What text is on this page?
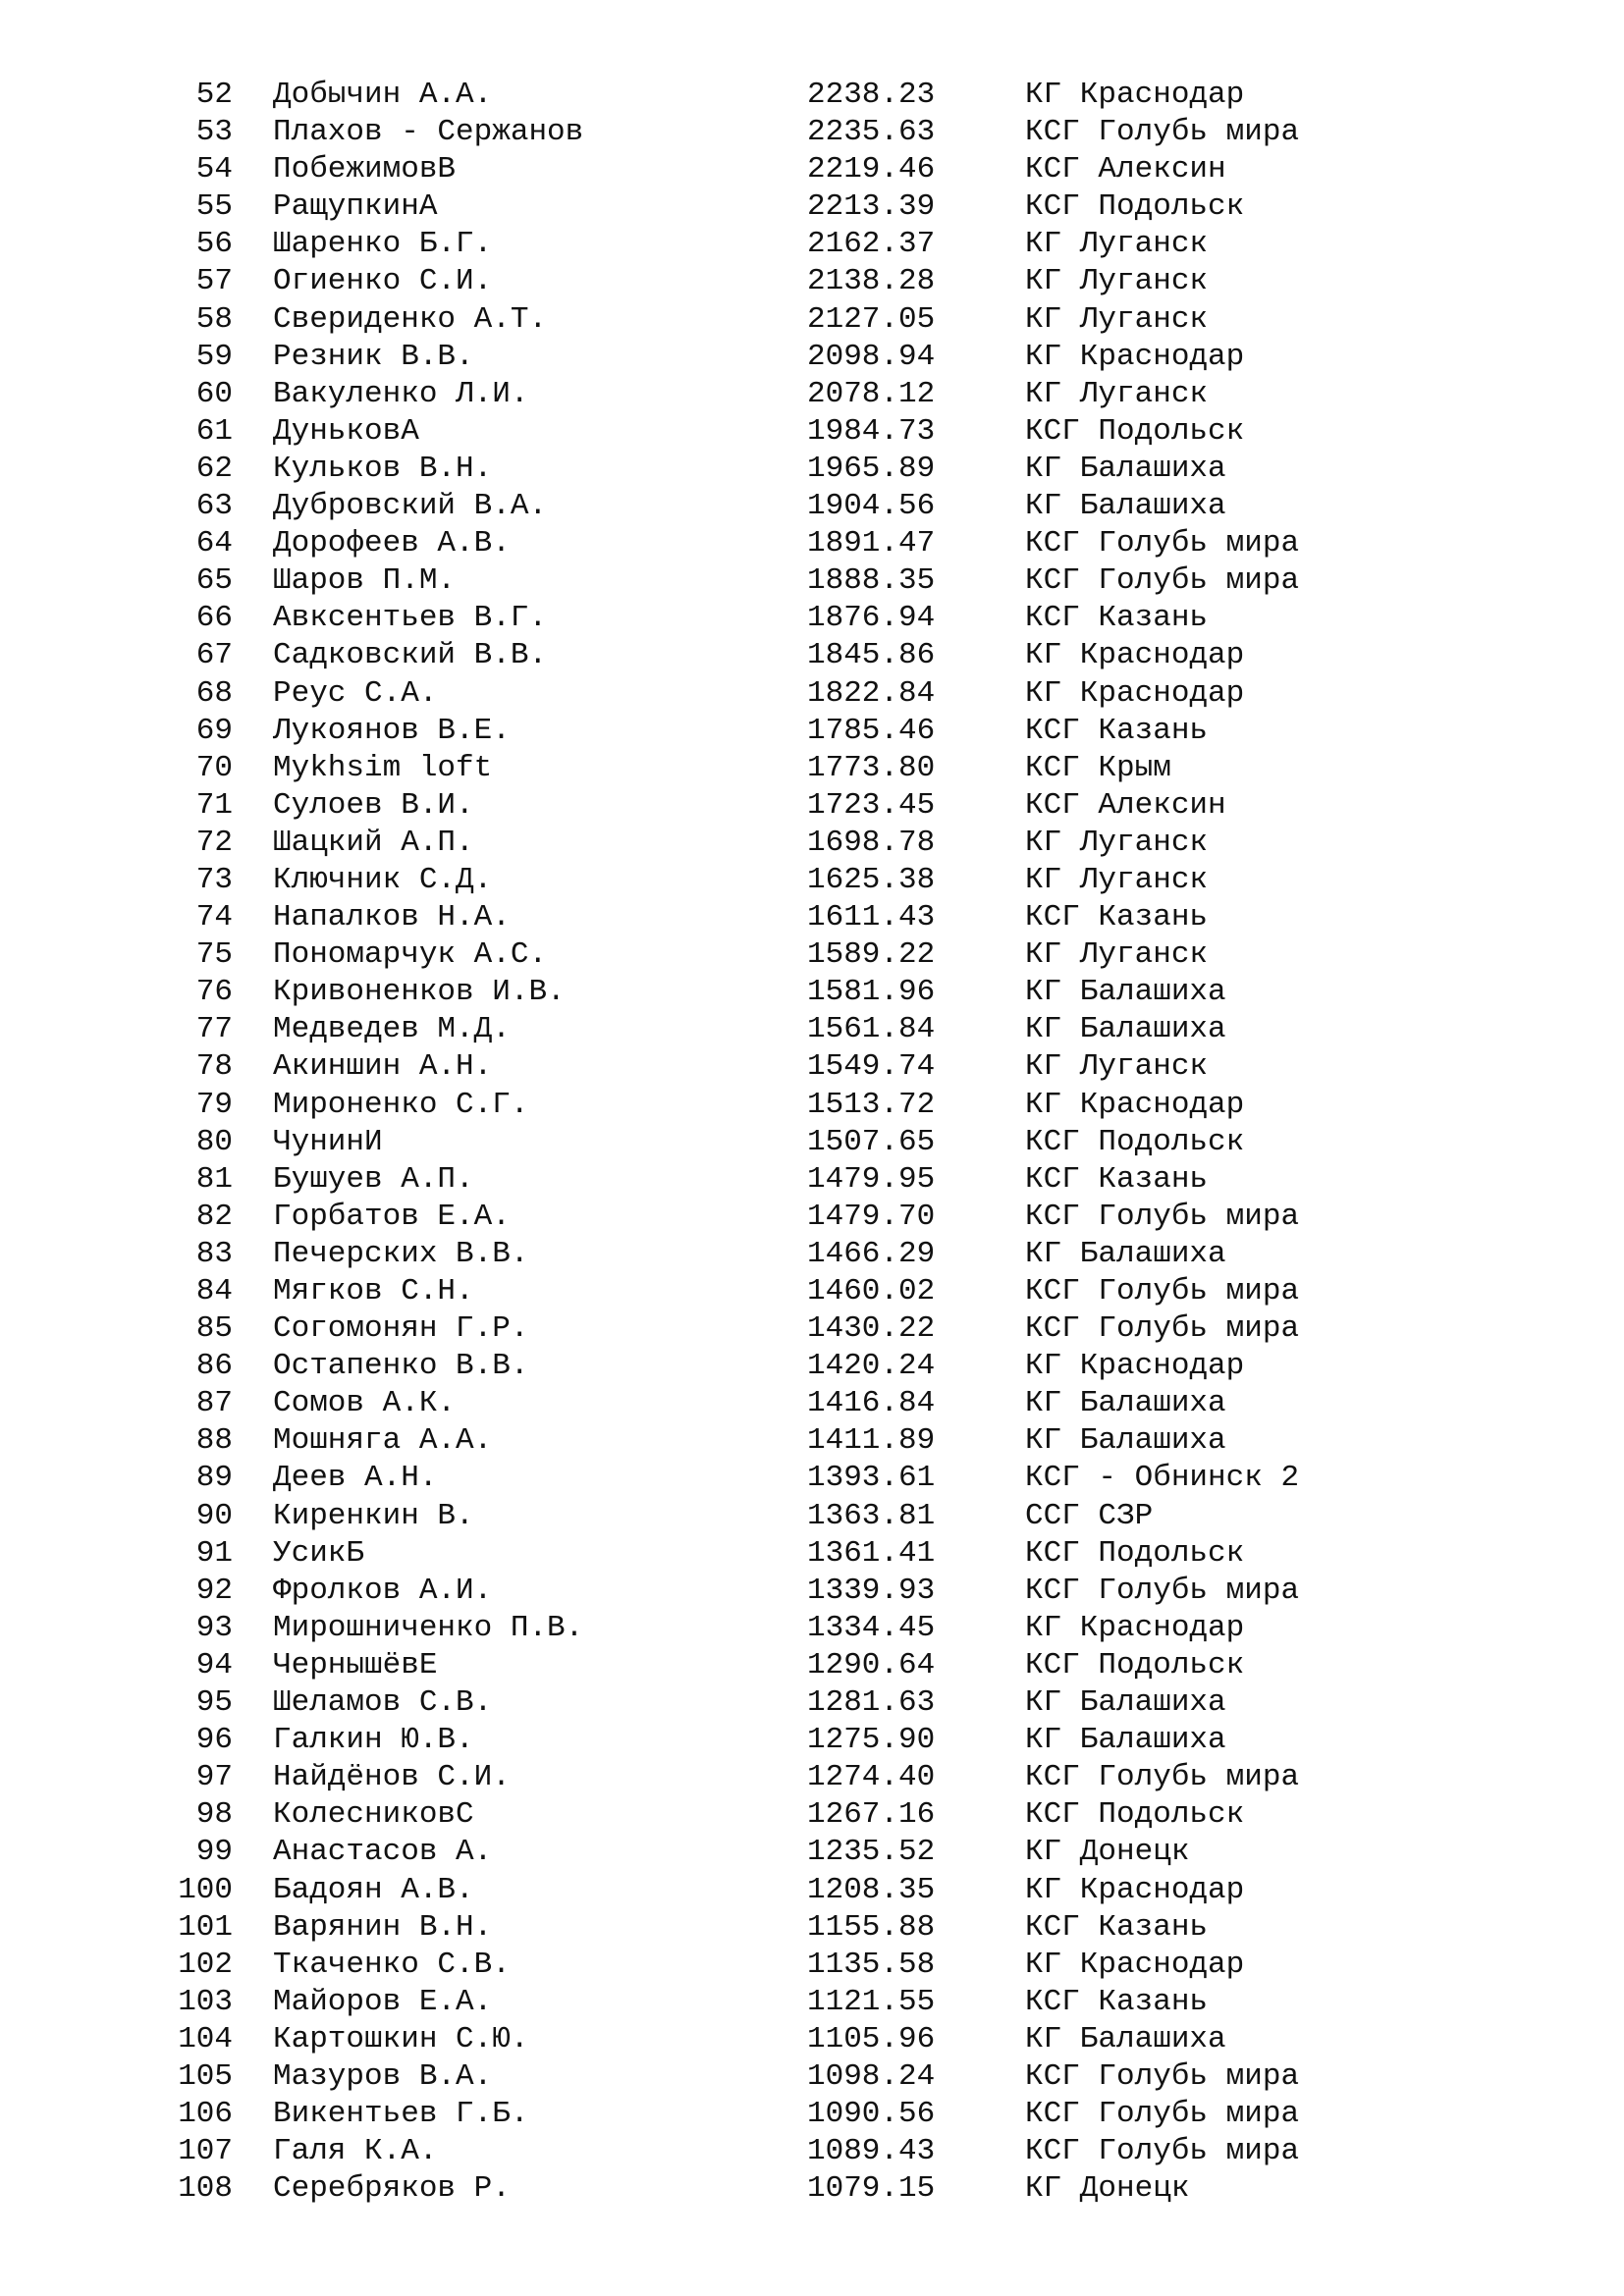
52 Добычин А.А.	2238.23	КГ Краснодар
53 Плахов - Сержанов	2235.63	КСГ Голубь мира
54 ПобежимовВ	2219.46	КСГ Алексин
55 РащупкинА	2213.39	КСГ Подольск
56 Шаренко Б.Г.	2162.37	КГ Луганск
57 Огиенко С.И.	2138.28	КГ Луганск
58 Свериденко А.Т.	2127.05	КГ Луганск
59 Резник В.В.	2098.94	КГ Краснодар
60 Вакуленко Л.И.	2078.12	КГ Луганск
61 ДуньковА	1984.73	КСГ Подольск
62 Кульков В.Н.	1965.89	КГ Балашиха
63 Дубровский В.А.	1904.56	КГ Балашиха
64 Дорофеев А.В.	1891.47	КСГ Голубь мира
65 Шаров П.М.	1888.35	КСГ Голубь мира
66 Авксентьев В.Г.	1876.94	КСГ Казань
67 Садковский В.В.	1845.86	КГ Краснодар
68 Реус С.А.	1822.84	КГ Краснодар
69 Лукоянов В.Е.	1785.46	КСГ Казань
70 Mykhsim loft	1773.80	КСГ Крым
71 Сулоев В.И.	1723.45	КСГ Алексин
72 Шацкий А.П.	1698.78	КГ Луганск
73 Ключник С.Д.	1625.38	КГ Луганск
74 Напалков Н.А.	1611.43	КСГ Казань
75 Пономарчук А.С.	1589.22	КГ Луганск
76 Кривоненков И.В.	1581.96	КГ Балашиха
77 Медведев М.Д.	1561.84	КГ Балашиха
78 Акиншин А.Н.	1549.74	КГ Луганск
79 Мироненко С.Г.	1513.72	КГ Краснодар
80 ЧунинИ	1507.65	КСГ Подольск
81 Бушуев А.П.	1479.95	КСГ Казань
82 Горбатов Е.А.	1479.70	КСГ Голубь мира
83 Печерских В.В.	1466.29	КГ Балашиха
84 Мягков С.Н.	1460.02	КСГ Голубь мира
85 Согомонян Г.Р.	1430.22	КСГ Голубь мира
86 Остапенко В.В.	1420.24	КГ Краснодар
87 Сомов А.К.	1416.84	КГ Балашиха
88 Мошняга А.А.	1411.89	КГ Балашиха
89 Деев А.Н.	1393.61	КСГ - Обнинск 2
90 Киренкин В.	1363.81	ССГ СЗР
91 УсикБ	1361.41	КСГ Подольск
92 Фролков А.И.	1339.93	КСГ Голубь мира
93 Мирошниченко П.В.	1334.45	КГ Краснодар
94 ЧернышёвЕ	1290.64	КСГ Подольск
95 Шеламов С.В.	1281.63	КГ Балашиха
96 Галкин Ю.В.	1275.90	КГ Балашиха
97 Найдёнов С.И.	1274.40	КСГ Голубь мира
98 КолесниковС	1267.16	КСГ Подольск
99 Анастасов А.	1235.52	КГ Донецк
100 Бадоян А.В.	1208.35	КГ Краснодар
101 Варянин В.Н.	1155.88	КСГ Казань
102 Ткаченко С.В.	1135.58	КГ Краснодар
103 Майоров Е.А.	1121.55	КСГ Казань
104 Картошкин С.Ю.	1105.96	КГ Балашиха
105 Мазуров В.А.	1098.24	КСГ Голубь мира
106 Викентьев Г.Б.	1090.56	КСГ Голубь мира
107 Галя К.А.	1089.43	КСГ Голубь мира
108 Серебряков Р.	1079.15	КГ Донецк
